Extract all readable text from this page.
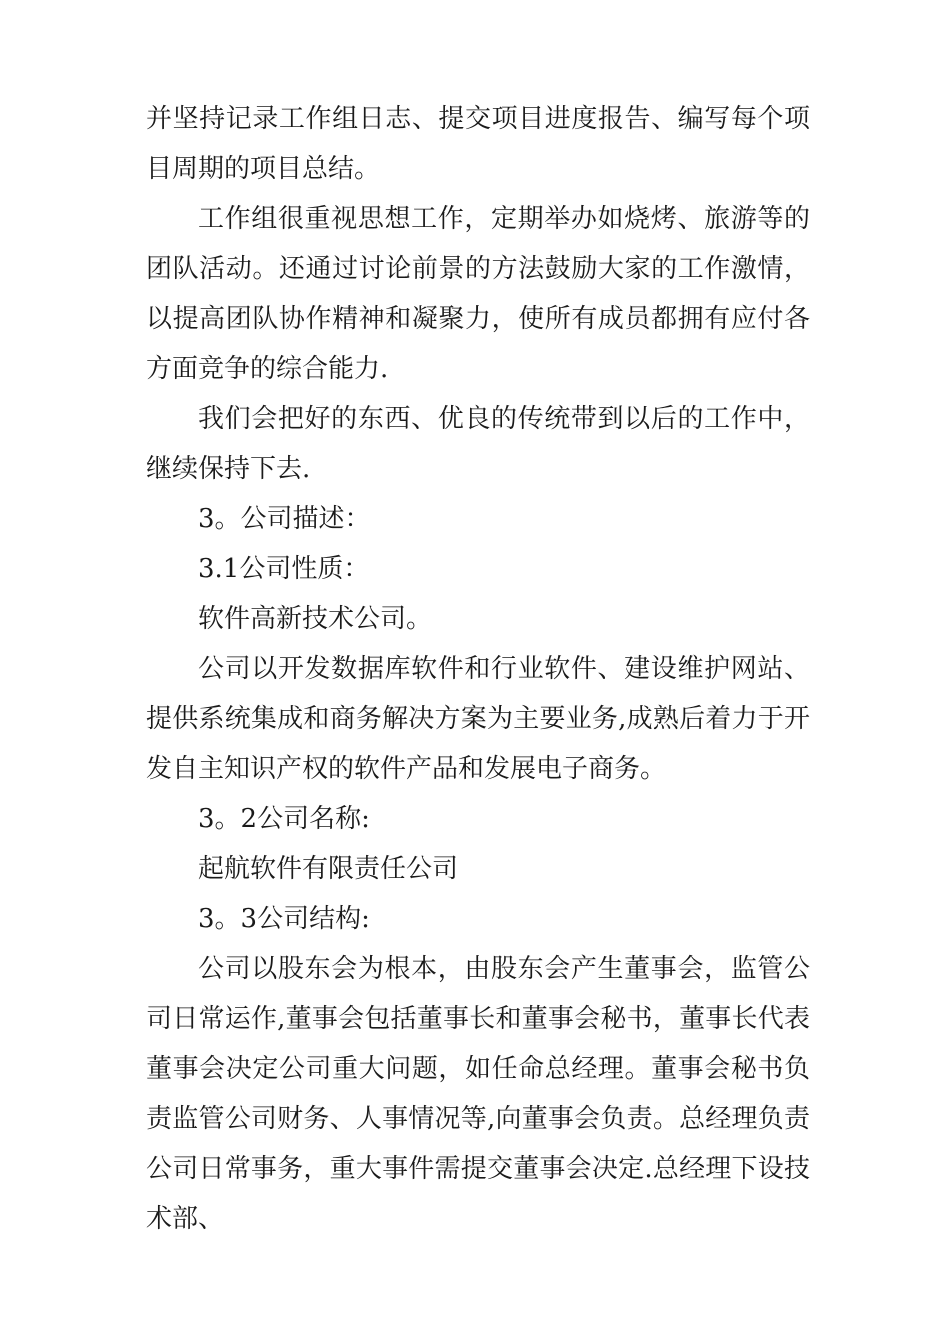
并坚持记录工作组日志、提交项目进度报告、编写每个项目周期的项目总结。

工作组很重视思想工作，定期举办如烧烤、旅游等的团队活动。还通过讨论前景的方法鼓励大家的工作激情，以提高团队协作精神和凝聚力，使所有成员都拥有应付各方面竞争的综合能力.

我们会把好的东西、优良的传统带到以后的工作中，继续保持下去.

3。公司描述：

3.1公司性质：

软件高新技术公司。

公司以开发数据库软件和行业软件、建设维护网站、提供系统集成和商务解决方案为主要业务,成熟后着力于开发自主知识产权的软件产品和发展电子商务。

3。2公司名称:

起航软件有限责任公司

3。3公司结构:

公司以股东会为根本，由股东会产生董事会，监管公司日常运作,董事会包括董事长和董事会秘书，董事长代表董事会决定公司重大问题，如任命总经理。董事会秘书负责监管公司财务、人事情况等,向董事会负责。总经理负责公司日常事务，重大事件需提交董事会决定.总经理下设技术部、
